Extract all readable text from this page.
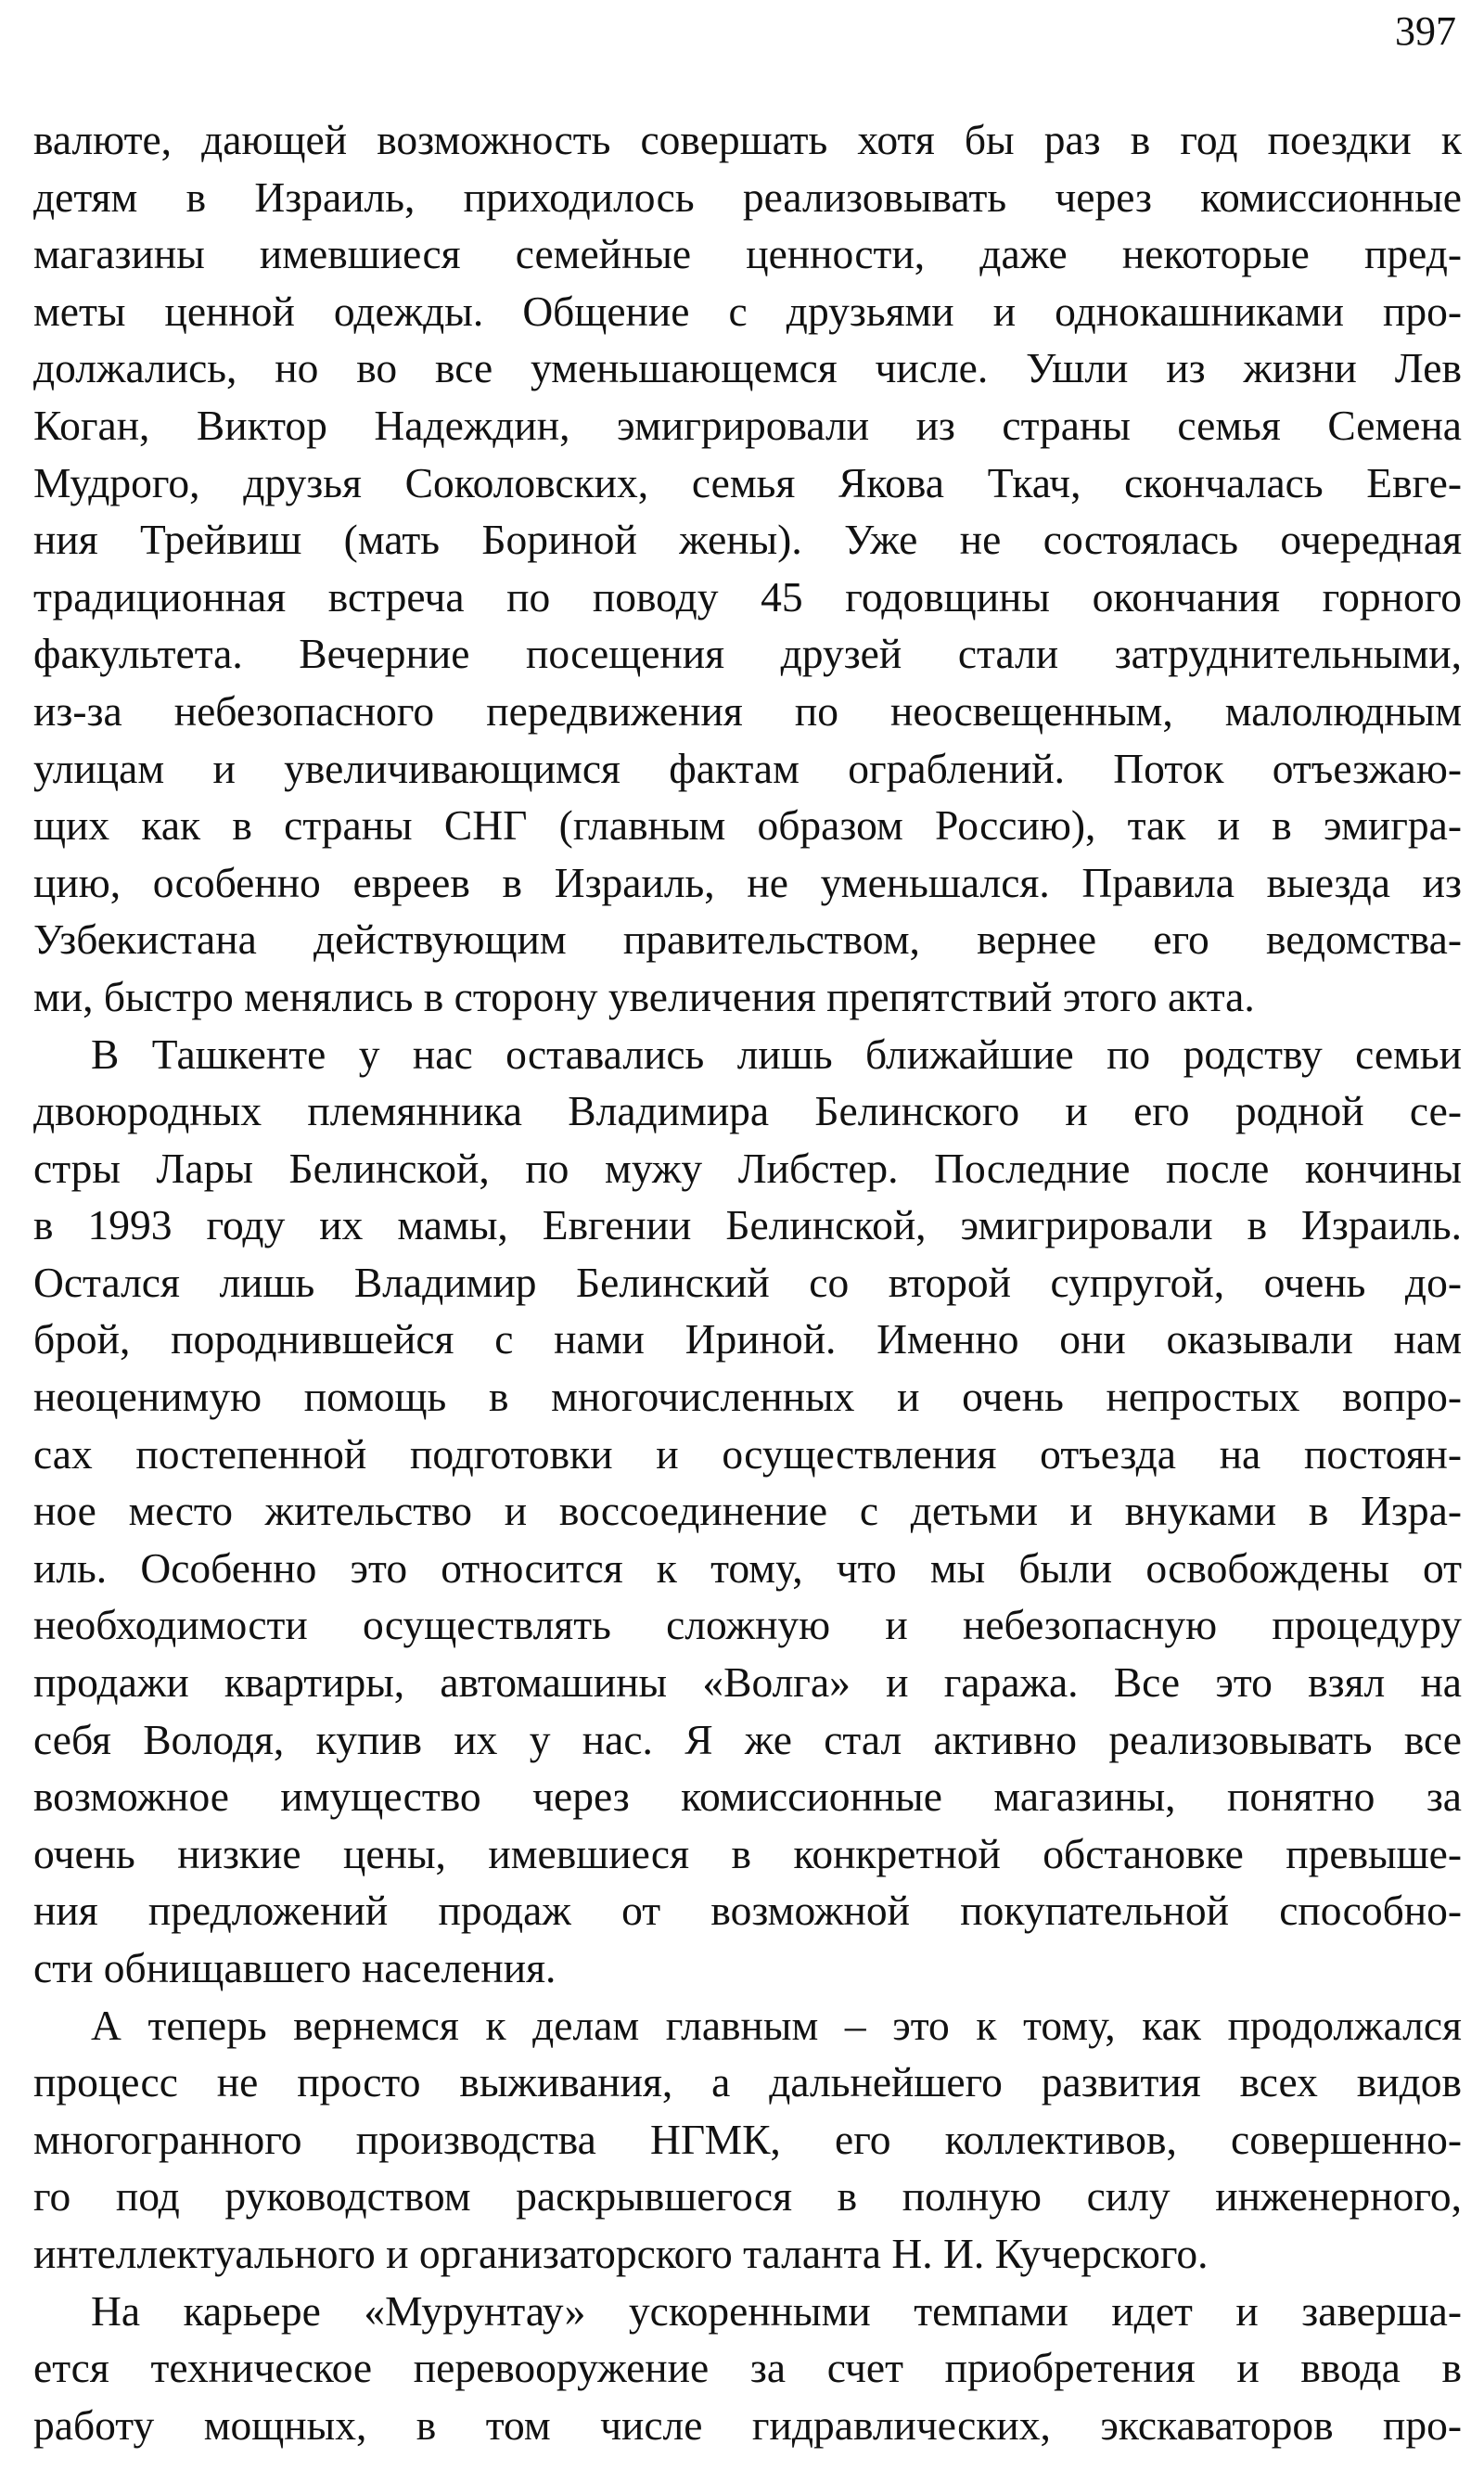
397
валюте, дающей возможность совершать хотя бы раз в год поездки к
детям в Израиль, приходилось реализовывать через комиссионные
магазины имевшиеся семейные ценности, даже некоторые пред-
меты ценной одежды. Общение с друзьями и однокашниками про-
должались, но во все уменьшающемся числе. Ушли из жизни Лев
Коган, Виктор Надеждин, эмигрировали из страны семья Семена
Мудрого, друзья Соколовских, семья Якова Ткач, скончалась Евге-
ния Трейвиш (мать Бориной жены). Уже не состоялась очередная
традиционная встреча по поводу 45 годовщины окончания горного
факультета. Вечерние посещения друзей стали затруднительными,
из-за небезопасного передвижения по неосвещенным, малолюдным
улицам и увеличивающимся фактам ограблений. Поток отъезжаю-
щих как в страны СНГ (главным образом Россию), так и в эмигра-
цию, особенно евреев в Израиль, не уменьшался. Правила выезда из
Узбекистана действующим правительством, вернее его ведомства-
ми, быстро менялись в сторону увеличения препятствий этого акта.
В Ташкенте у нас оставались лишь ближайшие по родству семьи
двоюродных племянника Владимира Белинского и его родной се-
стры Лары Белинской, по мужу Либстер. Последние после кончины
в 1993 году их мамы, Евгении Белинской, эмигрировали в Израиль.
Остался лишь Владимир Белинский со второй супругой, очень до-
брой, породнившейся с нами Ириной. Именно они оказывали нам
неоценимую помощь в многочисленных и очень непростых вопро-
сах постепенной подготовки и осуществления отъезда на постоян-
ное место жительство и воссоединение с детьми и внуками в Изра-
иль. Особенно это относится к тому, что мы были освобождены от
необходимости осуществлять сложную и небезопасную процедуру
продажи квартиры, автомашины «Волга» и гаража. Все это взял на
себя Володя, купив их у нас. Я же стал активно реализовывать все
возможное имущество через комиссионные магазины, понятно за
очень низкие цены, имевшиеся в конкретной обстановке превыше-
ния предложений продаж от возможной покупательной способно-
сти обнищавшего населения.
А теперь вернемся к делам главным – это к тому, как продолжался
процесс не просто выживания, а дальнейшего развития всех видов
многогранного производства НГМК, его коллективов, совершенно-
го под руководством раскрывшегося в полную силу инженерного,
интеллектуального и организаторского таланта Н. И. Кучерского.
На карьере «Мурунтау» ускоренными темпами идет и заверша-
ется техническое перевооружение за счет приобретения и ввода в
работу мощных, в том числе гидравлических, экскаваторов про-
